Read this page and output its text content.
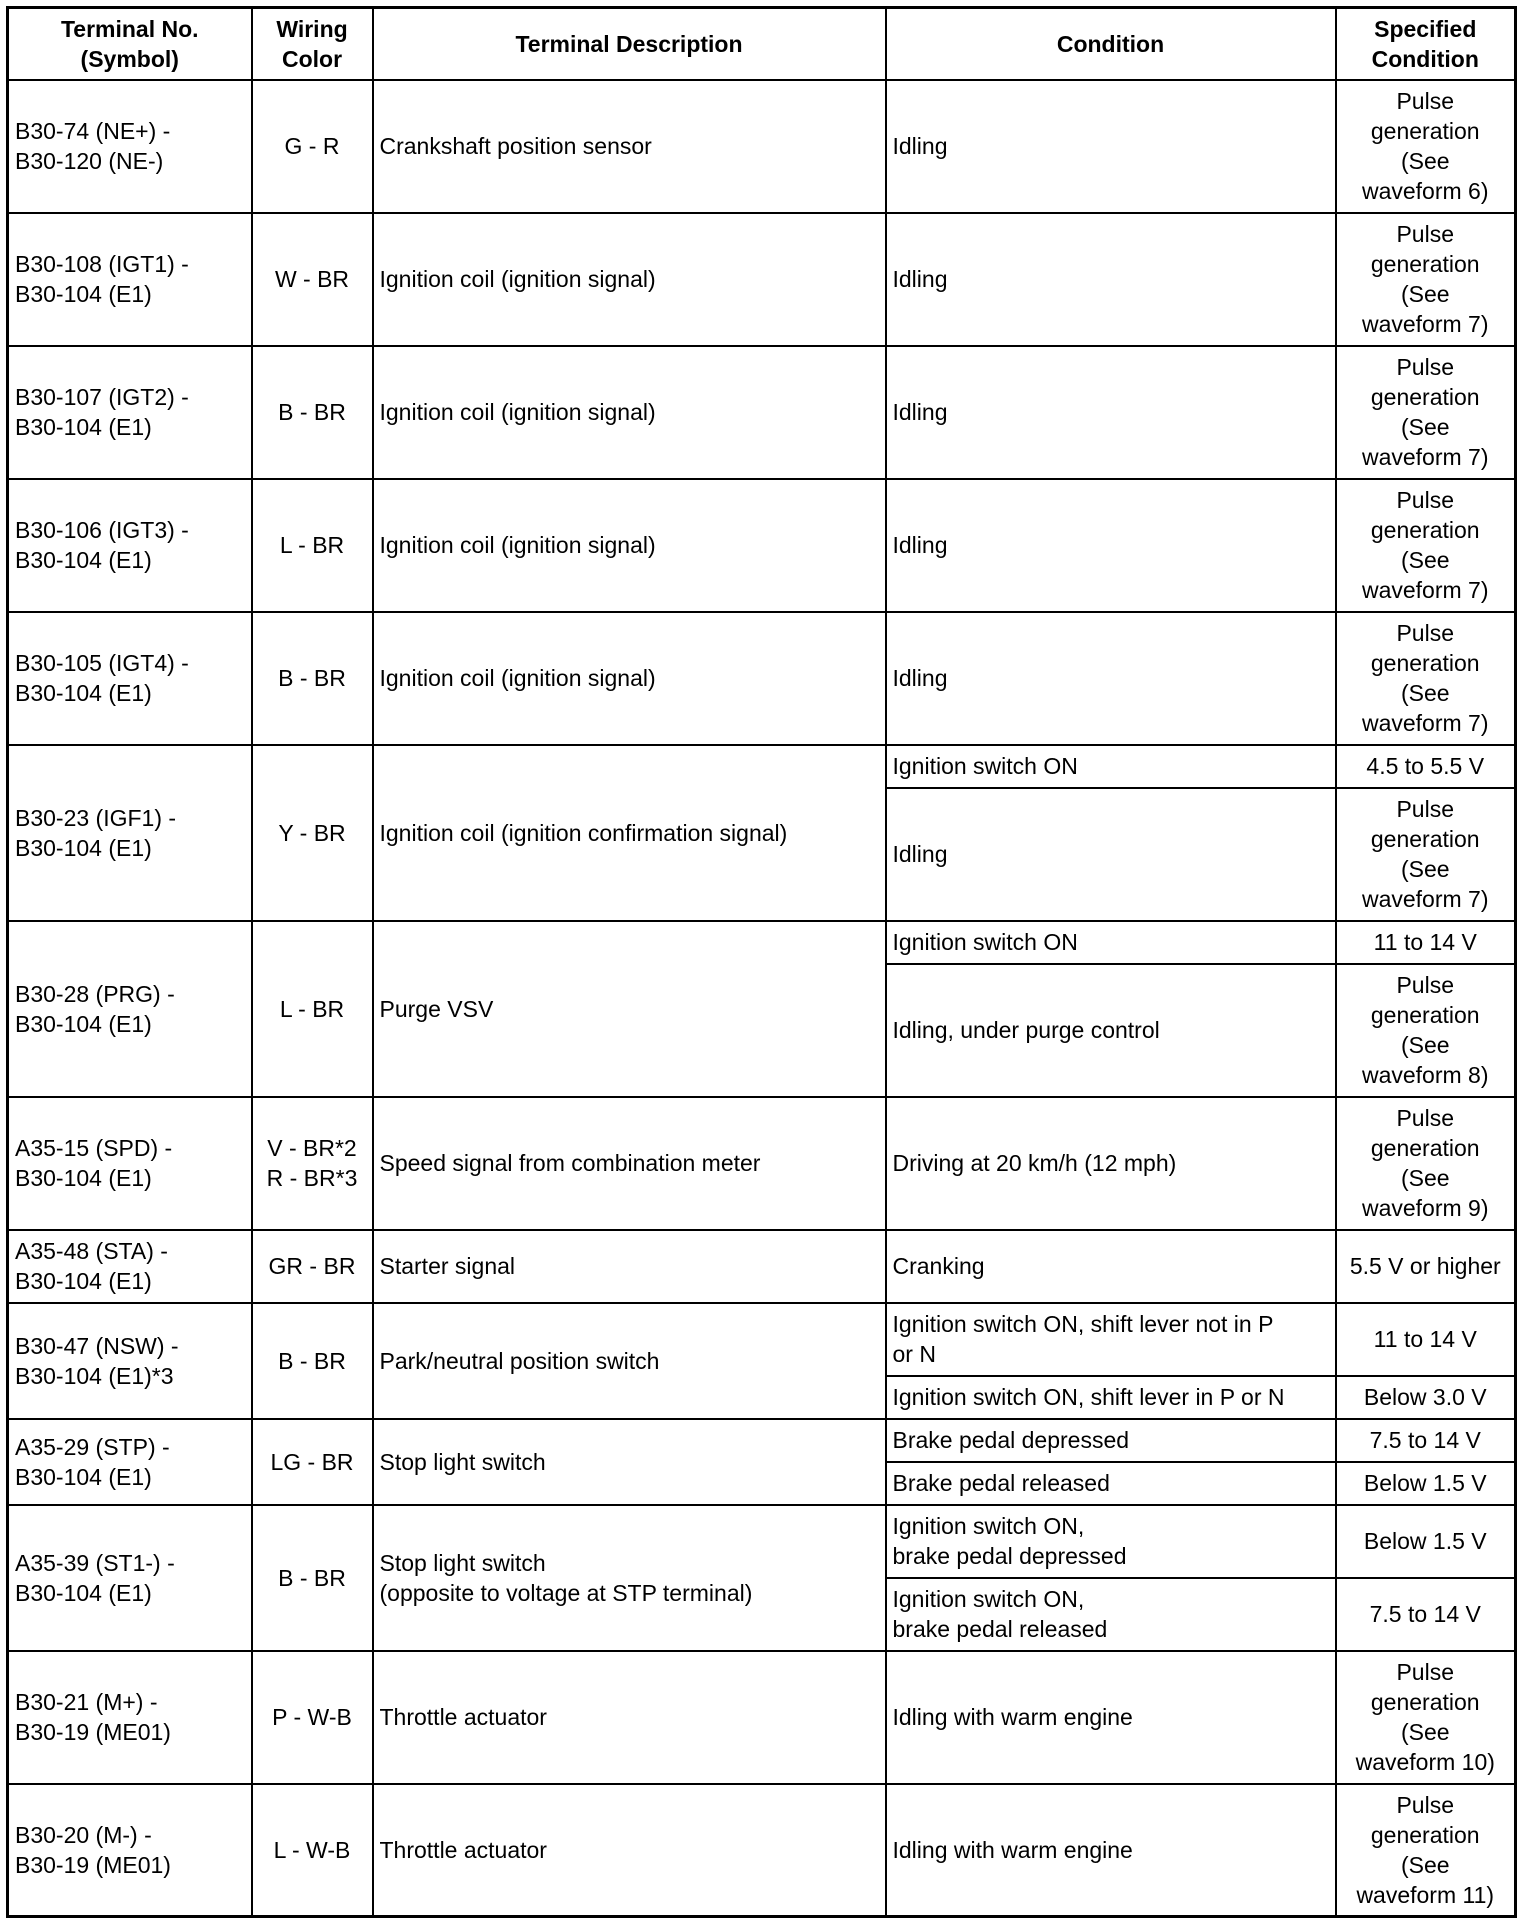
Terminal No.
(Symbol)	Wiring
Color	Terminal Description	Condition	Specified
Condition
B30-74 (NE+) -
B30-120 (NE-)	G - R	Crankshaft position sensor	Idling	Pulse
generation
(See
waveform 6)
B30-108 (IGT1) -
B30-104 (E1)	W - BR	Ignition coil (ignition signal)	Idling	Pulse
generation
(See
waveform 7)
B30-107 (IGT2) -
B30-104 (E1)	B - BR	Ignition coil (ignition signal)	Idling	Pulse
generation
(See
waveform 7)
B30-106 (IGT3) -
B30-104 (E1)	L - BR	Ignition coil (ignition signal)	Idling	Pulse
generation
(See
waveform 7)
B30-105 (IGT4) -
B30-104 (E1)	B - BR	Ignition coil (ignition signal)	Idling	Pulse
generation
(See
waveform 7)
B30-23 (IGF1) -
B30-104 (E1)	Y - BR	Ignition coil (ignition confirmation signal)	Ignition switch ON	4.5 to 5.5 V
			Idling	Pulse
generation
(See
waveform 7)
B30-28 (PRG) -
B30-104 (E1)	L - BR	Purge VSV	Ignition switch ON	11 to 14 V
			Idling, under purge control	Pulse
generation
(See
waveform 8)
A35-15 (SPD) -
B30-104 (E1)	V - BR*2
R - BR*3	Speed signal from combination meter	Driving at 20 km/h (12 mph)	Pulse
generation
(See
waveform 9)
A35-48 (STA) -
B30-104 (E1)	GR - BR	Starter signal	Cranking	5.5 V or higher
B30-47 (NSW) -
B30-104 (E1)*3	B - BR	Park/neutral position switch	Ignition switch ON, shift lever not in P
or N	11 to 14 V
			Ignition switch ON, shift lever in P or N	Below 3.0 V
A35-29 (STP) -
B30-104 (E1)	LG - BR	Stop light switch	Brake pedal depressed	7.5 to 14 V
			Brake pedal released	Below 1.5 V
A35-39 (ST1-) -
B30-104 (E1)	B - BR	Stop light switch
(opposite to voltage at STP terminal)	Ignition switch ON,
brake pedal depressed	Below 1.5 V
			Ignition switch ON,
brake pedal released	7.5 to 14 V
B30-21 (M+) -
B30-19 (ME01)	P - W-B	Throttle actuator	Idling with warm engine	Pulse
generation
(See
waveform 10)
B30-20 (M-) -
B30-19 (ME01)	L - W-B	Throttle actuator	Idling with warm engine	Pulse
generation
(See
waveform 11)
